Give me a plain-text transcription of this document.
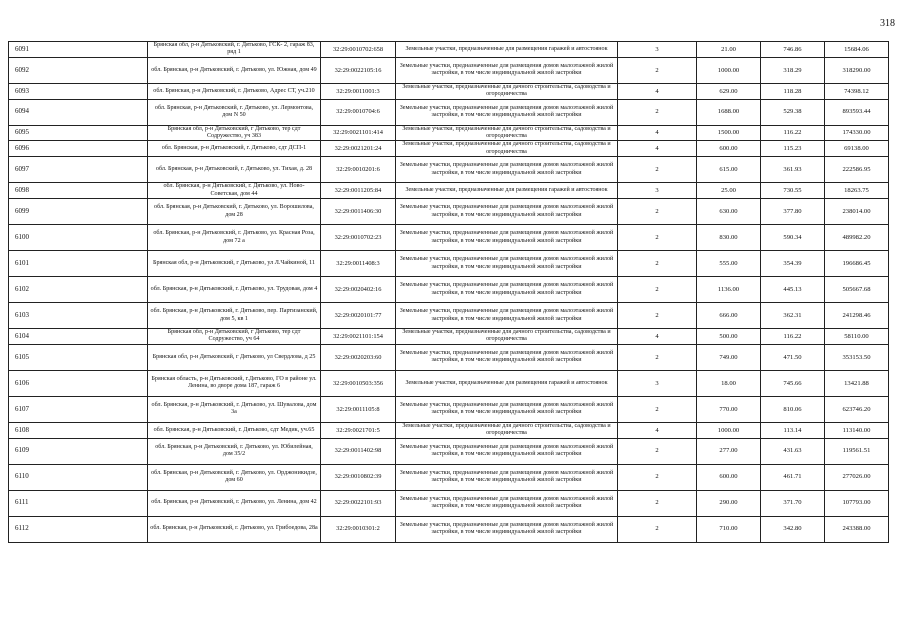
318
6091	Брянская обл, р-н Дятьковский, г. Дятьково, ГСК- 2, гараж 83, ряд 1	32:29:0010702:658	Земельные участки, предназначенные для размещения гаражей и автостоянок	3	21.00	746.86	15684.06
6092	обл. Брянская, р-н Дятьковский, г. Дятьково, ул. Южная, дом 49	32:29:0022105:16	Земельные участки, предназначенные для размещения домов малоэтажной жилой застройки, в том числе индивидуальной жилой застройки	2	1000.00	318.29	318290.00
6093	обл. Брянская, р-н Дятьковский, г. Дятьково, Адрес СТ, уч.210	32:29:0011001:3	Земельные участки, предназначенные для дачного строительства, садоводства и огородничества	4	629.00	118.28	74398.12
6094	обл. Брянская, р-н Дятьковский, г. Дятьково, ул. Лермонтова, дом N 50	32:29:0010704:6	Земельные участки, предназначенные для размещения домов малоэтажной жилой застройки, в том числе индивидуальной жилой застройки	2	1688.00	529.38	893593.44
6095	Брянская обл, р-н Дятьковский, г Дятьково, тер сдт Содружество, уч 383	32:29:0021101:414	Земельные участки, предназначенные для дачного строительства, садоводства и огородничества	4	1500.00	116.22	174330.00
6096	обл. Брянская, р-н Дятьковский, г. Дятьково, сдт ДСП-1	32:29:0021201:24	Земельные участки, предназначенные для дачного строительства, садоводства и огородничества	4	600.00	115.23	69138.00
6097	обл. Брянская, р-н Дятьковский, г. Дятьково, ул. Тихая, д. 28	32:29:0010201:6	Земельные участки, предназначенные для размещения домов малоэтажной жилой застройки, в том числе индивидуальной жилой застройки	2	615.00	361.93	222586.95
6098	обл. Брянская, р-н Дятьковский, г. Дятьково, ул. Ново-Советская, дом 44	32:29:0011205:84	Земельные участки, предназначенные для размещения гаражей и автостоянок	3	25.00	730.55	18263.75
6099	обл. Брянская, р-н Дятьковский, г. Дятьково, ул. Ворошилова, дом 28	32:29:0011406:30	Земельные участки, предназначенные для размещения домов малоэтажной жилой застройки, в том числе индивидуальной жилой застройки	2	630.00	377.80	238014.00
6100	обл. Брянская, р-н Дятьковский, г. Дятьково, ул. Красная Роза, дом 72 а	32:29:0010702:23	Земельные участки, предназначенные для размещения домов малоэтажной жилой застройки, в том числе индивидуальной жилой застройки	2	830.00	590.34	489982.20
6101	Брянская обл, р-н Дятьковский, г Дятьково, ул Л.Чайкиной, 11	32:29:0011408:3	Земельные участки, предназначенные для размещения домов малоэтажной жилой застройки, в том числе индивидуальной жилой застройки	2	555.00	354.39	196686.45
6102	обл. Брянская, р-н Дятьковский, г. Дятьково, ул. Трудовая, дом 4	32:29:0020402:16	Земельные участки, предназначенные для размещения домов малоэтажной жилой застройки, в том числе индивидуальной жилой застройки	2	1136.00	445.13	505667.68
6103	обл. Брянская, р-н Дятьковский, г. Дятьково, пер. Партизанский, дом 5, кв 1	32:29:0020101:77	Земельные участки, предназначенные для размещения домов малоэтажной жилой застройки, в том числе индивидуальной жилой застройки	2	666.00	362.31	241298.46
6104	Брянская обл, р-н Дятьковский, г Дятьково, тер сдт Содружество, уч 64	32:29:0021101:154	Земельные участки, предназначенные для дачного строительства, садоводства и огородничества	4	500.00	116.22	58110.00
6105	Брянская обл, р-н Дятьковский, г Дятьково, ул Свердлова, д 25	32:29:0020203:60	Земельные участки, предназначенные для размещения домов малоэтажной жилой застройки, в том числе индивидуальной жилой застройки	2	749.00	471.50	353153.50
6106	Брянская область, р-н Дятьковский, г.Дятьково, ГО в районе ул. Ленина, во дворе дома 187, гараж 6	32:29:0010503:356	Земельные участки, предназначенные для размещения гаражей и автостоянок	3	18.00	745.66	13421.88
6107	обл. Брянская, р-н Дятьковский, г. Дятьково, ул. Шувалова, дом 3а	32:29:0011105:8	Земельные участки, предназначенные для размещения домов малоэтажной жилой застройки, в том числе индивидуальной жилой застройки	2	770.00	810.06	623746.20
6108	обл. Брянская, р-н Дятьковский, г. Дятьково, сдт Медик, уч.65	32:29:0021701:5	Земельные участки, предназначенные для дачного строительства, садоводства и огородничества	4	1000.00	113.14	113140.00
6109	обл. Брянская, р-н Дятьковский, г. Дятьково, ул. Юбилейная, дом 35/2	32:29:0011402:98	Земельные участки, предназначенные для размещения домов малоэтажной жилой застройки, в том числе индивидуальной жилой застройки	2	277.00	431.63	119561.51
6110	обл. Брянская, р-н Дятьковский, г. Дятьково, ул. Орджоникидзе, дом 60	32:29:0010802:39	Земельные участки, предназначенные для размещения домов малоэтажной жилой застройки, в том числе индивидуальной жилой застройки	2	600.00	461.71	277026.00
6111	обл. Брянская, р-н Дятьковский, г. Дятьково, ул. Ленина, дом 42	32:29:0022101:93	Земельные участки, предназначенные для размещения домов малоэтажной жилой застройки, в том числе индивидуальной жилой застройки	2	290.00	371.70	107793.00
6112	обл. Брянская, р-н Дятьковский, г. Дятьково, ул. Грибоедова, 28а	32:29:0010301:2	Земельные участки, предназначенные для размещения домов малоэтажной жилой застройки, в том числе индивидуальной жилой застройки	2	710.00	342.80	243388.00
